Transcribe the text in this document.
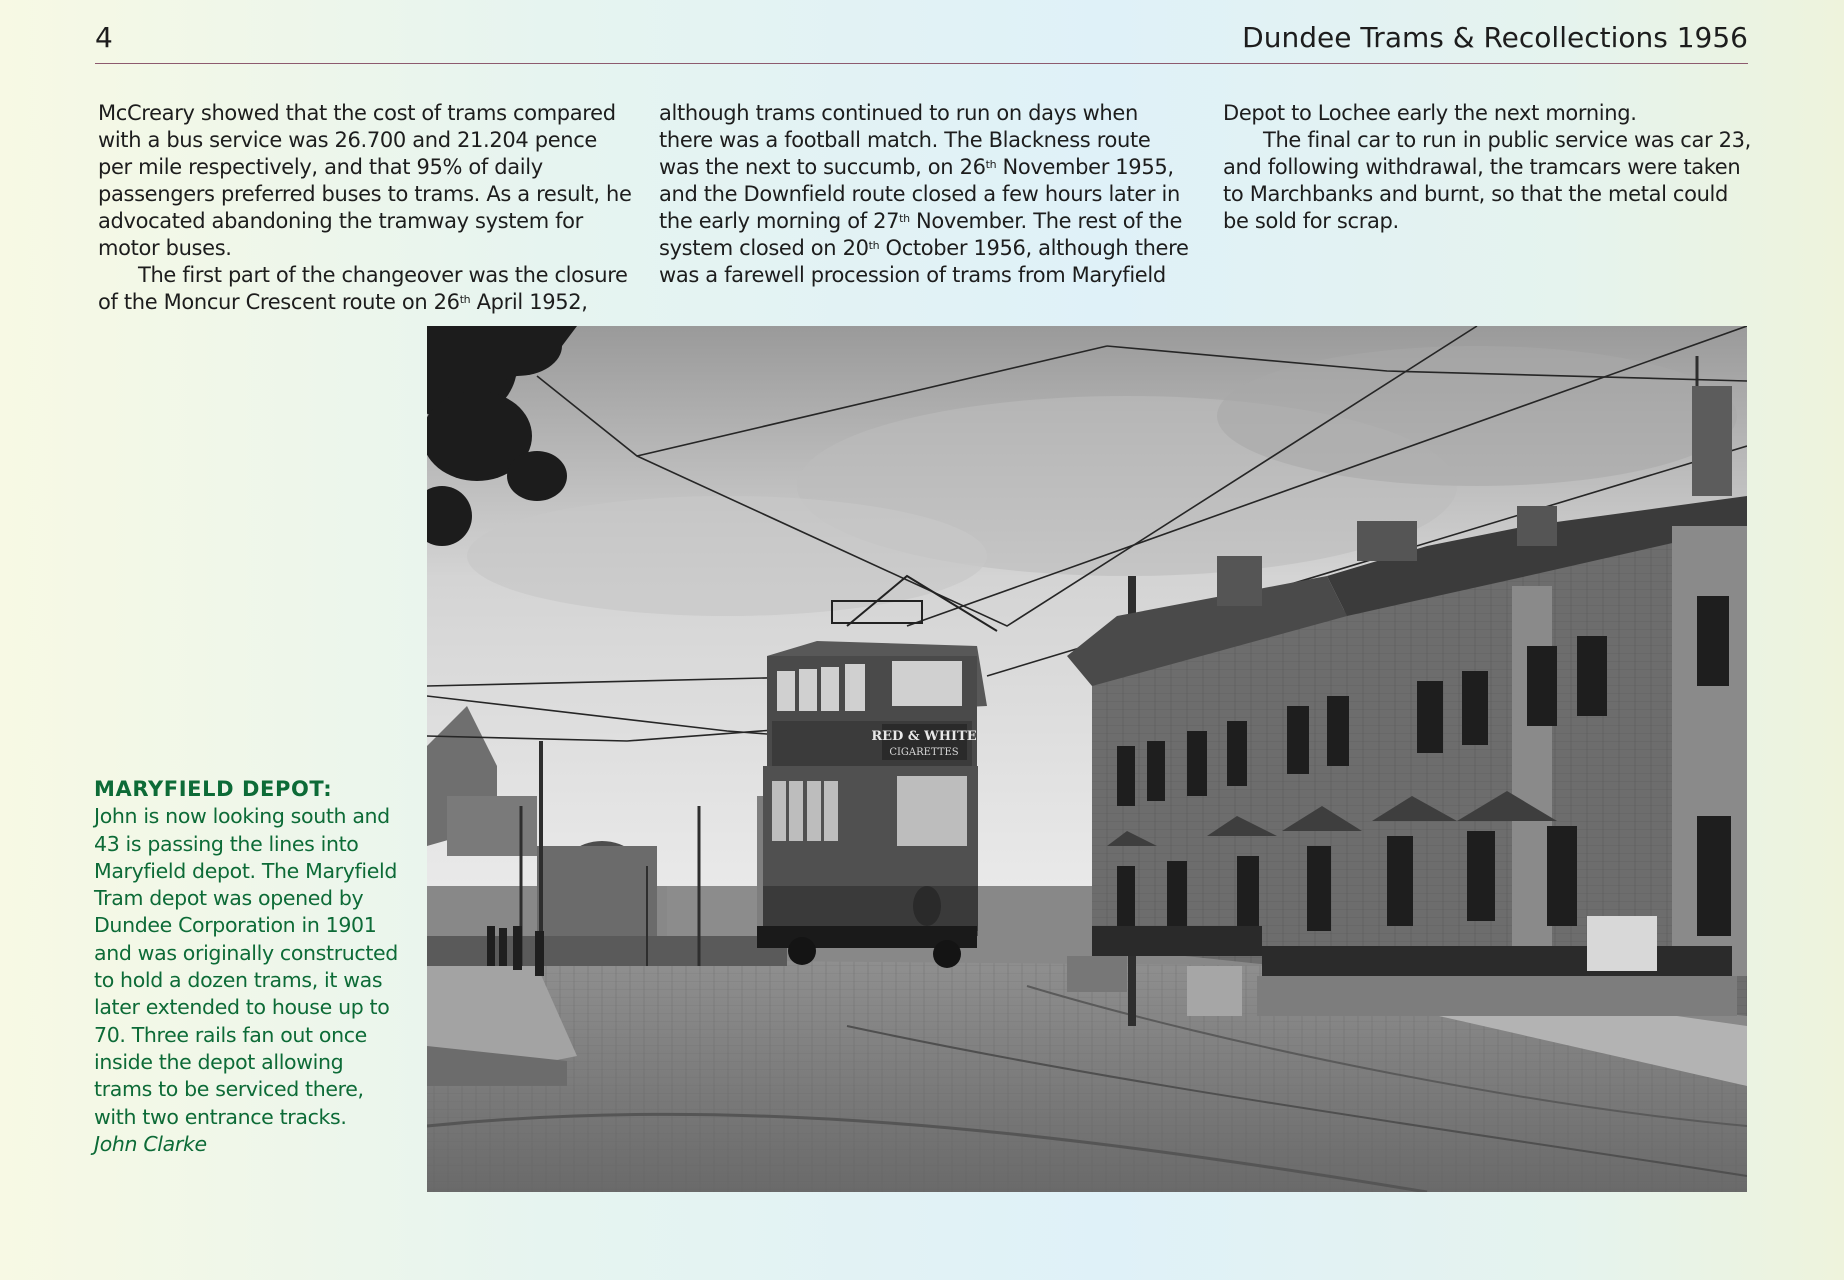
4	Dundee Trams & Recollections 1956

McCreary showed that the cost of trams compared with a bus service was 26.700 and 21.204 pence per mile respectively, and that 95% of daily passengers preferred buses to trams. As a result, he advocated abandoning the tramway system for motor buses.

The first part of the changeover was the closure of the Moncur Crescent route on 26th April 1952,

although trams continued to run on days when there was a football match. The Blackness route was the next to succumb, on 26th November 1955, and the Downfield route closed a few hours later in the early morning of 27th November. The rest of the system closed on 20th October 1956, although there was a farewell procession of trams from Maryfield

Depot to Lochee early the next morning.

The final car to run in public service was car 23, and following withdrawal, the tramcars were taken to Marchbanks and burnt, so that the metal could be sold for scrap.

MARYFIELD DEPOT:

John is now looking south and 43 is passing the lines into Maryfield depot. The Maryfield Tram depot was opened by Dundee Corporation in 1901 and was originally constructed to hold a dozen trams, it was later extended to house up to 70. Three rails fan out once inside the depot allowing trams to be serviced there, with two entrance tracks.

John Clarke

RED & WHITE
CIGARETTES
